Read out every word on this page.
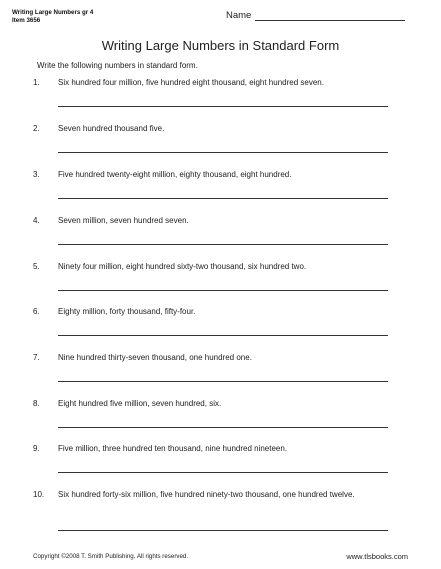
Writing Large Numbers gr 4
Item 3656	Name
Writing Large Numbers in Standard Form
Write the following numbers in standard form.
1.	Six hundred four million, five hundred eight thousand, eight hundred seven.
2.	Seven hundred thousand five.
3.	Five hundred twenty-eight million, eighty thousand, eight hundred.
4.	Seven million, seven hundred seven.
5.	Ninety four million, eight hundred sixty-two thousand, six hundred two.
6.	Eighty million, forty thousand, fifty-four.
7.	Nine hundred thirty-seven thousand, one hundred one.
8.	Eight hundred five million, seven hundred, six.
9.	Five million, three hundred ten thousand, nine hundred nineteen.
10.	Six hundred forty-six million, five hundred ninety-two thousand, one hundred twelve.
Copyright ©2008 T. Smith Publishing. All rights reserved.	www.tlsbooks.com
